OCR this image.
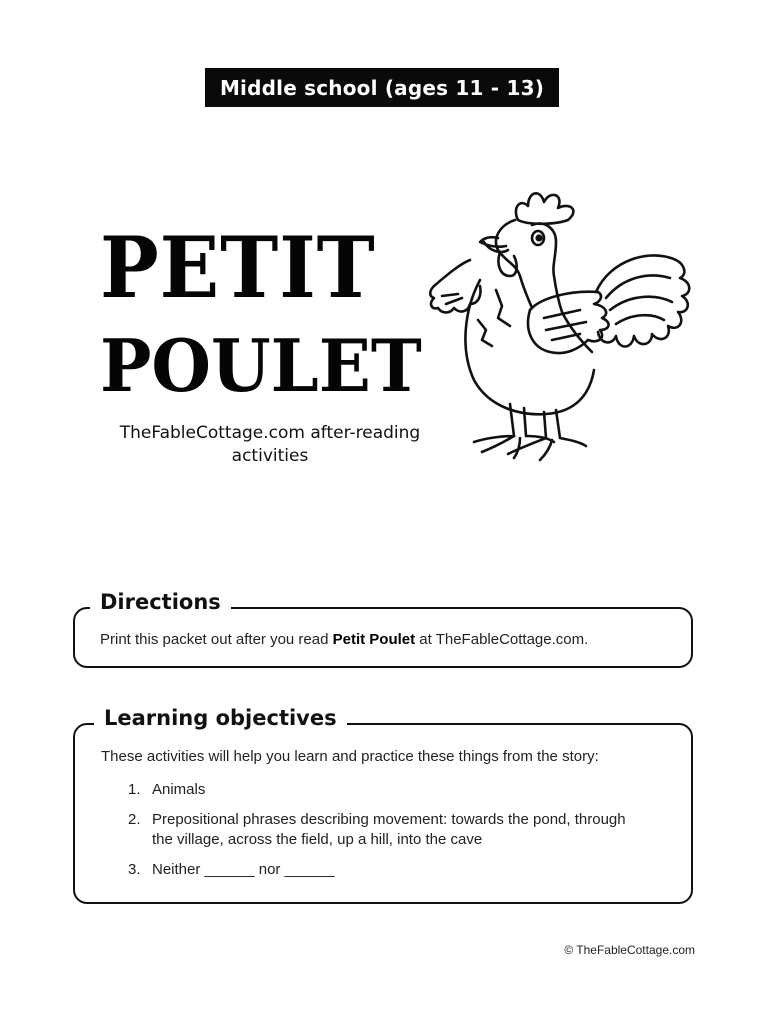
Middle school (ages 11 - 13)
PETIT
POULET
TheFableCottage.com after-reading
activities
Directions
Print this packet out after you read Petit Poulet at TheFableCottage.com.
Learning objectives
These activities will help you learn and practice these things from the story:
1. Animals
2. Prepositional phrases describing movement: towards the pond, through the village, across the field, up a hill, into the cave
3. Neither ______ nor ______
© TheFableCottage.com
